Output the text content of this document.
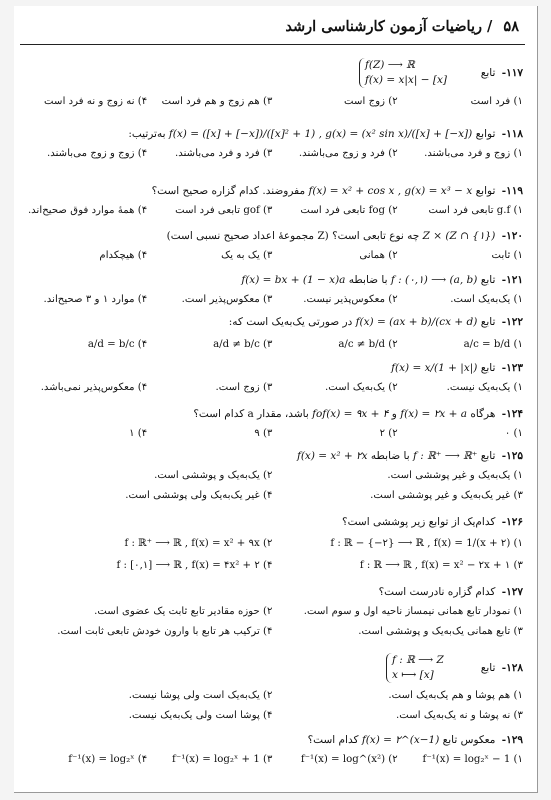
۵۸ / ریاضیات آزمون کارشناسی ارشد
۱۱۷- تابع
f(Z) ⟶ ℝ
f(x) = x|x| − [x]
۱) فرد است
۲) زوج است
۳) هم زوج و هم فرد است
۴) نه زوج و نه فرد است
۱۱۸- توابع f(x) = ([x] + [−x])/([x]² + 1) , g(x) = (x² sin x)/([x] + [−x]) به‌ترتیب:
۱) زوج و فرد می‌باشند.
۲) فرد و زوج می‌باشند.
۳) فرد و فرد می‌باشند.
۴) زوج و زوج می‌باشند.
۱۱۹- توابع f(x) = x² + cos x , g(x) = x³ − x مفروضند. کدام گزاره صحیح است؟
۱) g.f تابعی فرد است
۲) fog تابعی فرد است
۳) gof تابعی فرد است
۴) همهٔ موارد فوق صحیح‌اند.
۱۲۰- Z × (Z ∩ {۱}) چه نوع تابعی است؟ (Z مجموعهٔ اعداد صحیح نسبی است)
۱) ثابت
۲) همانی
۳) یک به یک
۴) هیچکدام
۱۲۱- تابع f : (۰,۱) ⟶ (a, b) با ضابطه f(x) = bx + (1 − x)a
۱) یک‌به‌یک است.
۲) معکوس‌پذیر نیست.
۳) معکوس‌پذیر است.
۴) موارد ۱ و ۳ صحیح‌اند.
۱۲۲- تابع f(x) = (ax + b)/(cx + d) در صورتی یک‌به‌یک است که:
۱) a/c = b/d
۲) a/c ≠ b/d
۳) a/d ≠ b/c
۴) a/d = b/c
۱۲۳- تابع f(x) = x/(1 + |x|)
۱) یک‌به‌یک نیست.
۲) یک‌به‌یک است.
۳) زوج است.
۴) معکوس‌پذیر نمی‌باشد.
۱۲۴- هرگاه f(x) = ۲x + a و fof(x) = ۹x + ۴ باشد، مقدار a کدام است؟
۱) ۰
۲) ۲
۳) ۹
۴) ۱
۱۲۵- تابع f : ℝ⁺ ⟶ ℝ⁺ با ضابطه f(x) = x² + ۲x
۱) یک‌به‌یک و غیر پوششی است.
۲) یک‌به‌یک و پوششی است.
۳) غیر یک‌به‌یک و غیر پوششی است.
۴) غیر یک‌به‌یک ولی پوششی است.
۱۲۶- کدام‌یک از توابع زیر پوششی است؟
۱) f : ℝ − {−۲} ⟶ ℝ , f(x) = 1/(x + ۲)
۲) f : ℝ⁺ ⟶ ℝ , f(x) = x² + ۹x
۳) f : ℝ ⟶ ℝ , f(x) = x² − ۲x + ۱
۴) f : [۰,۱] ⟶ ℝ , f(x) = ۴x² + ۲
۱۲۷- کدام گزاره نادرست است؟
۱) نمودار تابع همانی نیمساز ناحیه اول و سوم است.
۲) حوزه مقادیر تابع ثابت یک عضوی است.
۳) تابع همانی یک‌به‌یک و پوششی است.
۴) ترکیب هر تابع با وارون خودش تابعی ثابت است.
۱۲۸- تابع
f : ℝ ⟶ Z
x ⟼ [x]
۱) هم پوشا و هم یک‌به‌یک است.
۲) یک‌به‌یک است ولی پوشا نیست.
۳) نه پوشا و نه یک‌به‌یک است.
۴) پوشا است ولی یک‌به‌یک نیست.
۱۲۹- معکوس تابع f(x) = ۲^(x−1) کدام است؟
۱) f⁻¹(x) = log₂ˣ − 1
۲) f⁻¹(x) = log^(x²)
۳) f⁻¹(x) = log₂ˣ + 1
۴) f⁻¹(x) = log₂ˣ
